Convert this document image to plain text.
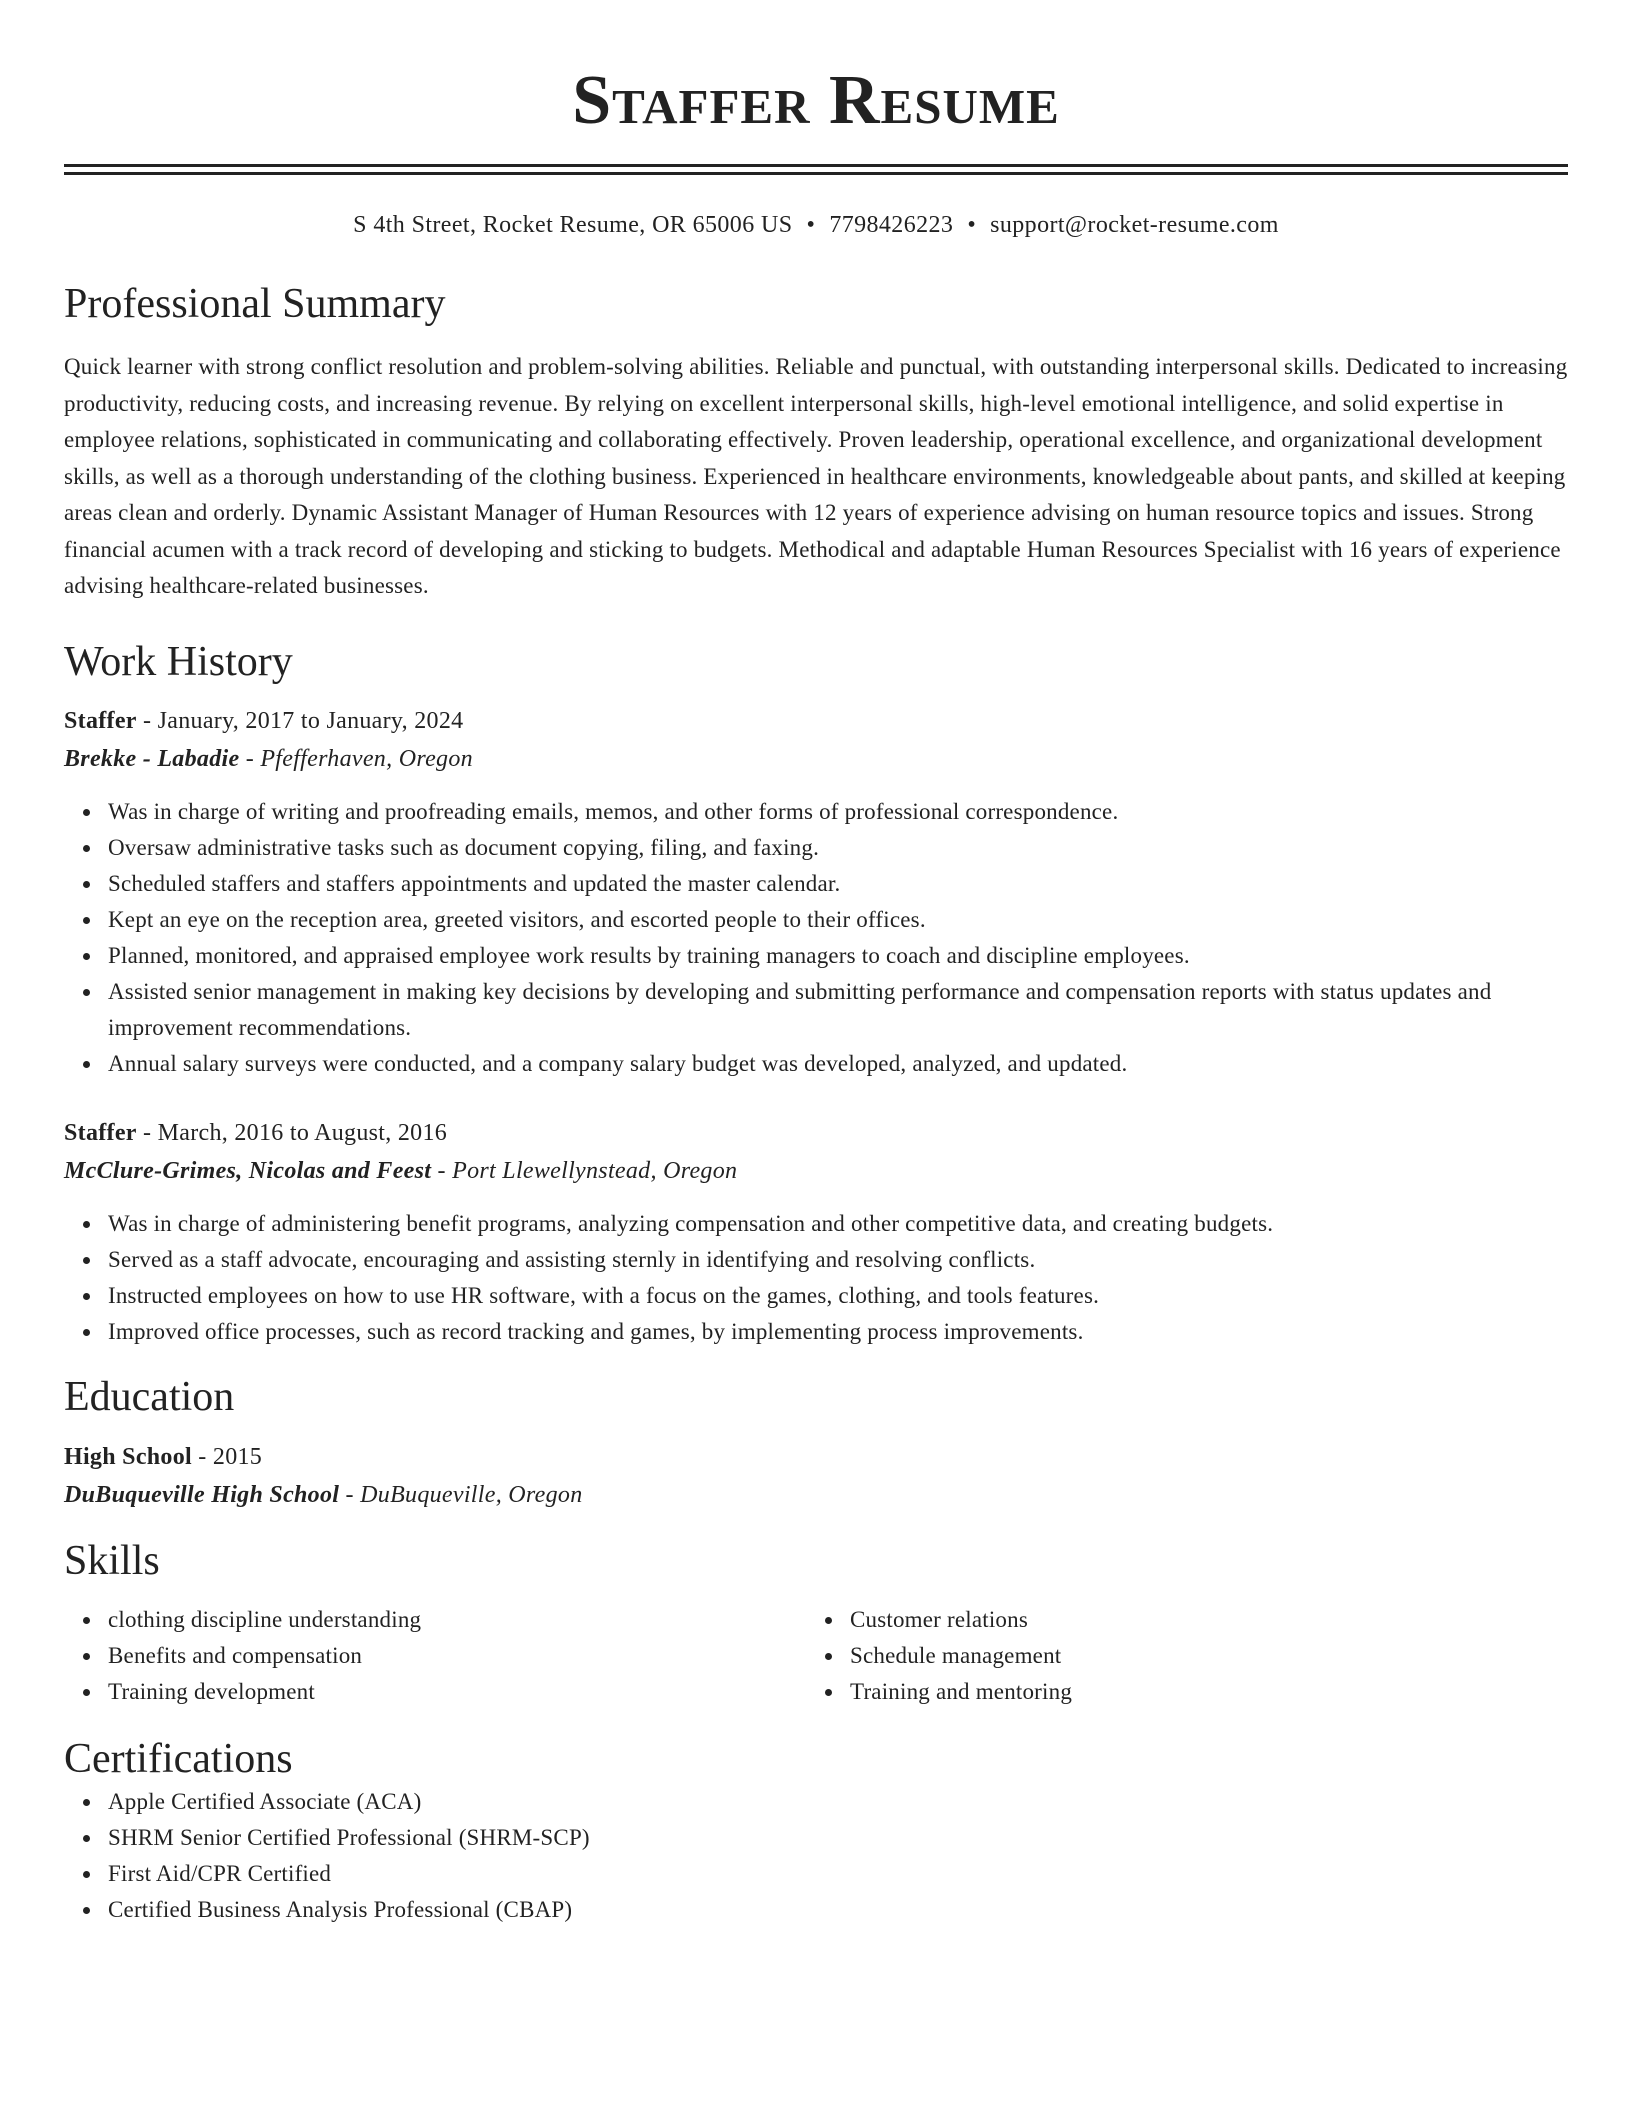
Staffer Resume
S 4th Street, Rocket Resume, OR 65006 US • 7798426223 • support@rocket-resume.com
Professional Summary
Quick learner with strong conflict resolution and problem-solving abilities. Reliable and punctual, with outstanding interpersonal skills. Dedicated to increasing productivity, reducing costs, and increasing revenue. By relying on excellent interpersonal skills, high-level emotional intelligence, and solid expertise in employee relations, sophisticated in communicating and collaborating effectively. Proven leadership, operational excellence, and organizational development skills, as well as a thorough understanding of the clothing business. Experienced in healthcare environments, knowledgeable about pants, and skilled at keeping areas clean and orderly. Dynamic Assistant Manager of Human Resources with 12 years of experience advising on human resource topics and issues. Strong financial acumen with a track record of developing and sticking to budgets. Methodical and adaptable Human Resources Specialist with 16 years of experience advising healthcare-related businesses.
Work History
Staffer - January, 2017 to January, 2024
Brekke - Labadie - Pfefferhaven, Oregon
Was in charge of writing and proofreading emails, memos, and other forms of professional correspondence.
Oversaw administrative tasks such as document copying, filing, and faxing.
Scheduled staffers and staffers appointments and updated the master calendar.
Kept an eye on the reception area, greeted visitors, and escorted people to their offices.
Planned, monitored, and appraised employee work results by training managers to coach and discipline employees.
Assisted senior management in making key decisions by developing and submitting performance and compensation reports with status updates and improvement recommendations.
Annual salary surveys were conducted, and a company salary budget was developed, analyzed, and updated.
Staffer - March, 2016 to August, 2016
McClure-Grimes, Nicolas and Feest - Port Llewellynstead, Oregon
Was in charge of administering benefit programs, analyzing compensation and other competitive data, and creating budgets.
Served as a staff advocate, encouraging and assisting sternly in identifying and resolving conflicts.
Instructed employees on how to use HR software, with a focus on the games, clothing, and tools features.
Improved office processes, such as record tracking and games, by implementing process improvements.
Education
High School - 2015
DuBuqueville High School - DuBuqueville, Oregon
Skills
clothing discipline understanding
Benefits and compensation
Training development
Customer relations
Schedule management
Training and mentoring
Certifications
Apple Certified Associate (ACA)
SHRM Senior Certified Professional (SHRM-SCP)
First Aid/CPR Certified
Certified Business Analysis Professional (CBAP)
